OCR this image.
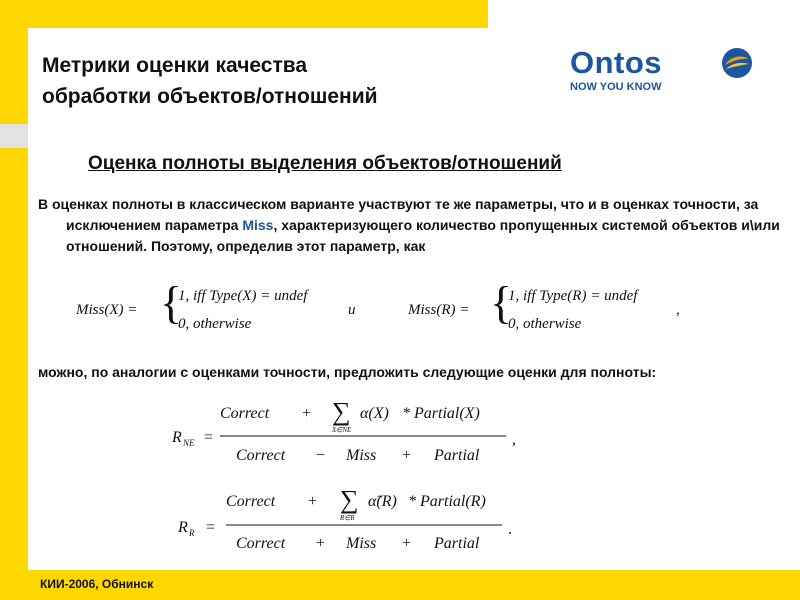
Метрики оценки качества
обработки объектов/отношений
Ontos
NOW YOU KNOW
Оценка полноты выделения объектов/отношений

В оценках полноты в классическом варианте участвуют те же параметры, что и в оценках точности, за исключением параметра Miss, характеризующего количество пропущенных системой объектов и\или отношений. Поэтому, определив этот параметр, как

Miss(X) = {
1, iff Type(X) = undef
0, otherwise
и	Miss(R) = {
1, iff Type(R) = undef
0, otherwise
,

можно, по аналогии с оценками точности, предложить следующие оценки для полноты:

R NE =
Correct + ∑
X∈NE
α(X) * Partial(X)
Correct − Miss + Partial
,
R R =
Correct + ∑
R∈R
α̃(R) * Partial(R)
Correct + Miss + Partial
.
КИИ-2006, Обнинск
